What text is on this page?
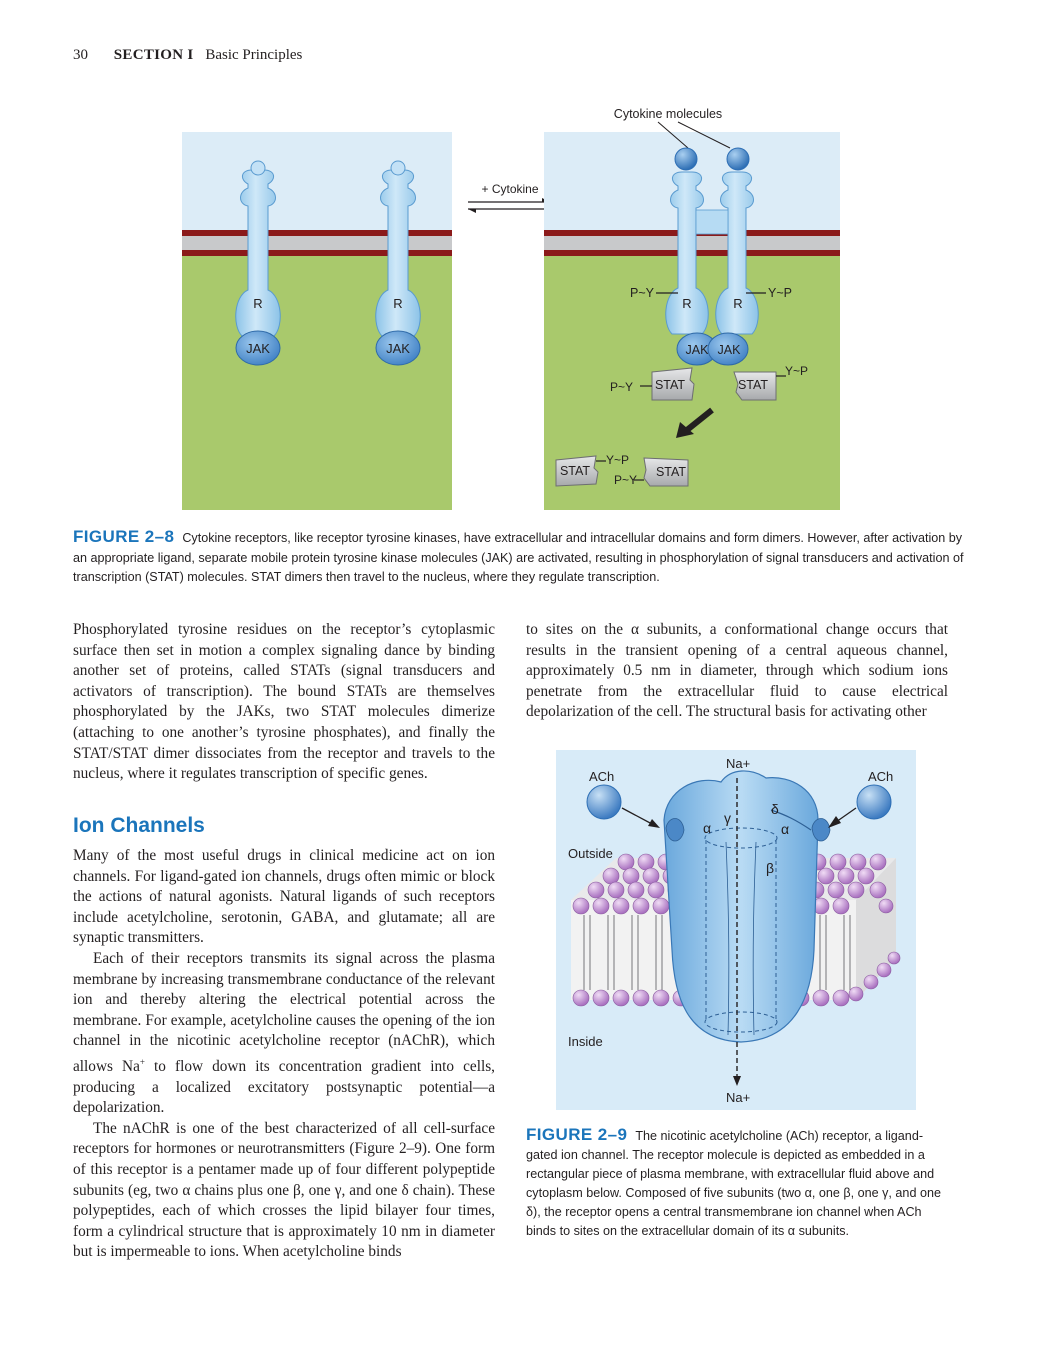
30 SECTION I Basic Principles
R
JAK
R
JAK
+ Cytokine
Cytokine molecules
R	R
P~Y	Y~P
JAK JAK
STAT
P~Y	STAT
Y~P
STAT
Y~P
STAT
P~Y
FIGURE 2–8 Cytokine receptors, like receptor tyrosine kinases, have extracellular and intracellular domains and form dimers. However, after activation by an appropriate ligand, separate mobile protein tyrosine kinase molecules (JAK) are activated, resulting in phosphorylation of signal transducers and activation of transcription (STAT) molecules. STAT dimers then travel to the nucleus, where they regulate transcription.

Phosphorylated tyrosine residues on the receptor’s cytoplasmic surface then set in motion a complex signaling dance by binding another set of proteins, called STATs (signal transducers and activators of transcription). The bound STATs are themselves phosphorylated by the JAKs, two STAT molecules dimerize (attaching to one another’s tyrosine phosphates), and finally the STAT/STAT dimer dissociates from the receptor and travels to the nucleus, where it regulates transcription of specific genes.

Ion Channels

Many of the most useful drugs in clinical medicine act on ion channels. For ligand-gated ion channels, drugs often mimic or block the actions of natural agonists. Natural ligands of such receptors include acetylcholine, serotonin, GABA, and glutamate; all are synaptic transmitters.

Each of their receptors transmits its signal across the plasma membrane by increasing transmembrane conductance of the relevant ion and thereby altering the electrical potential across the membrane. For example, acetylcholine causes the opening of the ion channel in the nicotinic acetylcholine receptor (nAChR), which allows Na+ to flow down its concentration gradient into cells, producing a localized excitatory postsynaptic potential—a depolarization.

The nAChR is one of the best characterized of all cell-surface receptors for hormones or neurotransmitters (Figure 2–9). One form of this receptor is a pentamer made up of four different polypeptide subunits (eg, two α chains plus one β, one γ, and one δ chain). These polypeptides, each of which crosses the lipid bilayer four times, form a cylindrical structure that is approximately 10 nm in diameter but is impermeable to ions. When acetylcholine binds

to sites on the α subunits, a conformational change occurs that results in the transient opening of a central aqueous channel, approximately 0.5 nm in diameter, through which sodium ions penetrate from the extracellular fluid to cause electrical depolarization of the cell. The structural basis for activating other

α
γ
δ
α
β
ACh	ACh
Na+
Na+
Outside
Inside
FIGURE 2–9 The nicotinic acetylcholine (ACh) receptor, a ligand-gated ion channel. The receptor molecule is depicted as embedded in a rectangular piece of plasma membrane, with extracellular fluid above and cytoplasm below. Composed of five subunits (two α, one β, one γ, and one δ), the receptor opens a central transmembrane ion channel when ACh binds to sites on the extracellular domain of its α subunits.
